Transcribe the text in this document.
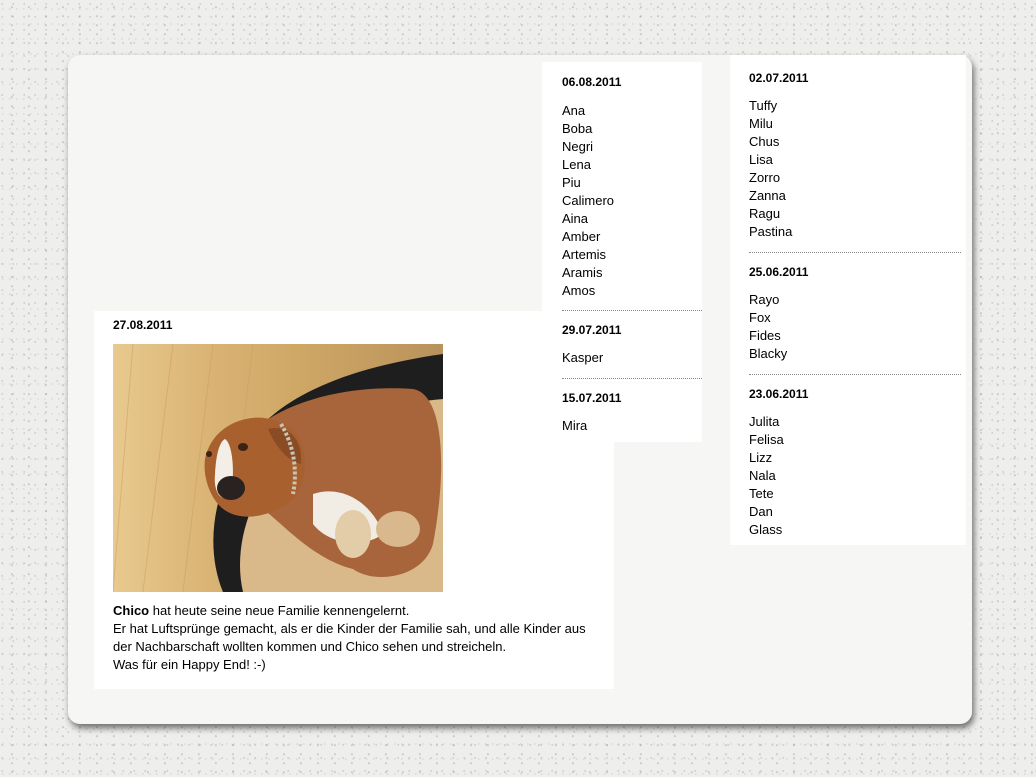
27.08.2011

Chico hat heute seine neue Familie kennengelernt.

Er hat Luftsprünge gemacht, als er die Kinder der Familie sah, und alle Kinder aus der Nachbarschaft wollten kommen und Chico sehen und streicheln.

Was für ein Happy End! :-)

06.08.2011
Ana
Boba
Negri
Lena
Piu
Calimero
Aina
Amber
Artemis
Aramis
Amos
29.07.2011
Kasper
15.07.2011
Mira
02.07.2011
Tuffy
Milu
Chus
Lisa
Zorro
Zanna
Ragu
Pastina
25.06.2011
Rayo
Fox
Fides
Blacky
23.06.2011
Julita
Felisa
Lizz
Nala
Tete
Dan
Glass
